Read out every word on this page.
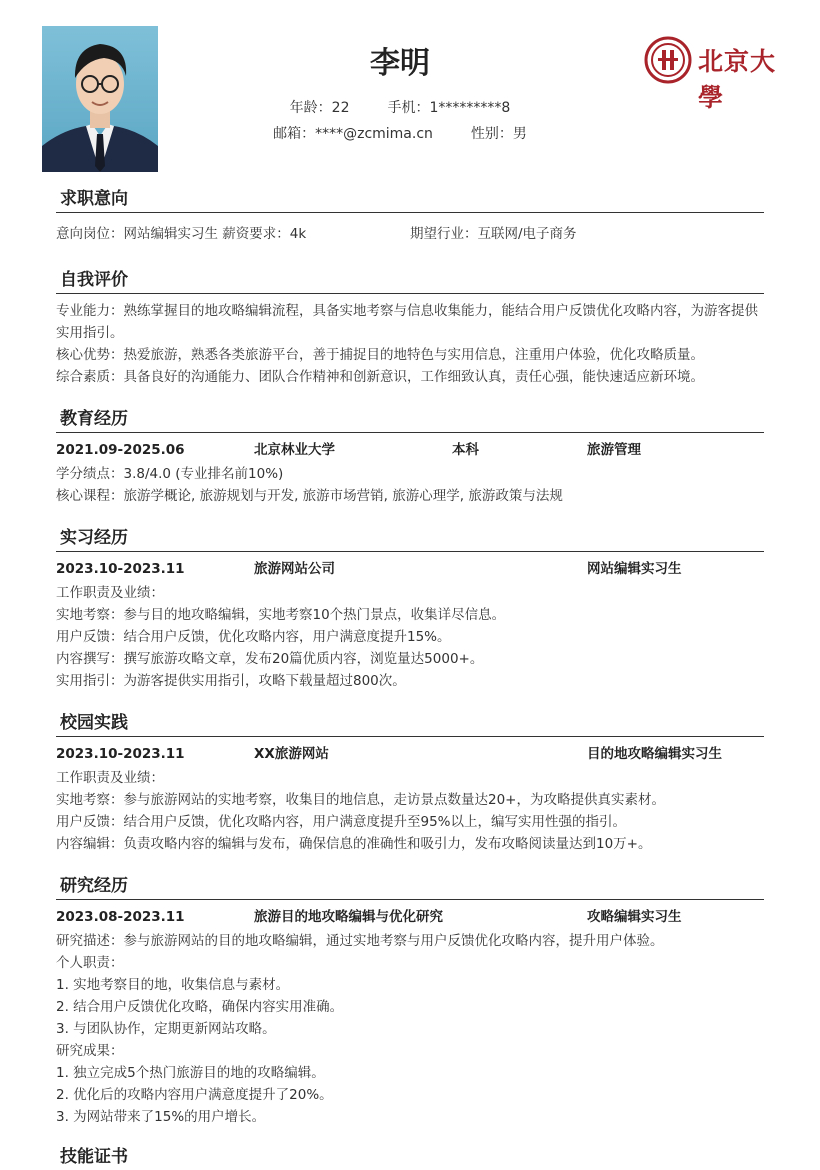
李明
年龄：22	手机：1*********8
邮箱：****@zcmima.cn	性别：男
北京大學
求职意向
意向岗位：网站编辑实习生 薪资要求：4k	期望行业：互联网/电子商务
自我评价
专业能力：熟练掌握目的地攻略编辑流程，具备实地考察与信息收集能力，能结合用户反馈优化攻略内容，为游客提供实用指引。
核心优势：热爱旅游，熟悉各类旅游平台，善于捕捉目的地特色与实用信息，注重用户体验，优化攻略质量。
综合素质：具备良好的沟通能力、团队合作精神和创新意识，工作细致认真，责任心强，能快速适应新环境。
教育经历
2021.09-2025.06	北京林业大学	本科	旅游管理
学分绩点：3.8/4.0 (专业排名前10%)
核心课程：旅游学概论, 旅游规划与开发, 旅游市场营销, 旅游心理学, 旅游政策与法规
实习经历
2023.10-2023.11	旅游网站公司	网站编辑实习生
工作职责及业绩：
实地考察：参与目的地攻略编辑，实地考察10个热门景点，收集详尽信息。
用户反馈：结合用户反馈，优化攻略内容，用户满意度提升15%。
内容撰写：撰写旅游攻略文章，发布20篇优质内容，浏览量达5000+。
实用指引：为游客提供实用指引，攻略下载量超过800次。
校园实践
2023.10-2023.11	XX旅游网站	目的地攻略编辑实习生
工作职责及业绩：
实地考察：参与旅游网站的实地考察，收集目的地信息，走访景点数量达20+，为攻略提供真实素材。
用户反馈：结合用户反馈，优化攻略内容，用户满意度提升至95%以上，编写实用性强的指引。
内容编辑：负责攻略内容的编辑与发布，确保信息的准确性和吸引力，发布攻略阅读量达到10万+。
研究经历
2023.08-2023.11	旅游目的地攻略编辑与优化研究	攻略编辑实习生
研究描述：参与旅游网站的目的地攻略编辑，通过实地考察与用户反馈优化攻略内容，提升用户体验。
个人职责：
1. 实地考察目的地，收集信息与素材。
2. 结合用户反馈优化攻略，确保内容实用准确。
3. 与团队协作，定期更新网站攻略。
研究成果：
1. 独立完成5个热门旅游目的地的攻略编辑。
2. 优化后的攻略内容用户满意度提升了20%。
3. 为网站带来了15%的用户增长。
技能证书
